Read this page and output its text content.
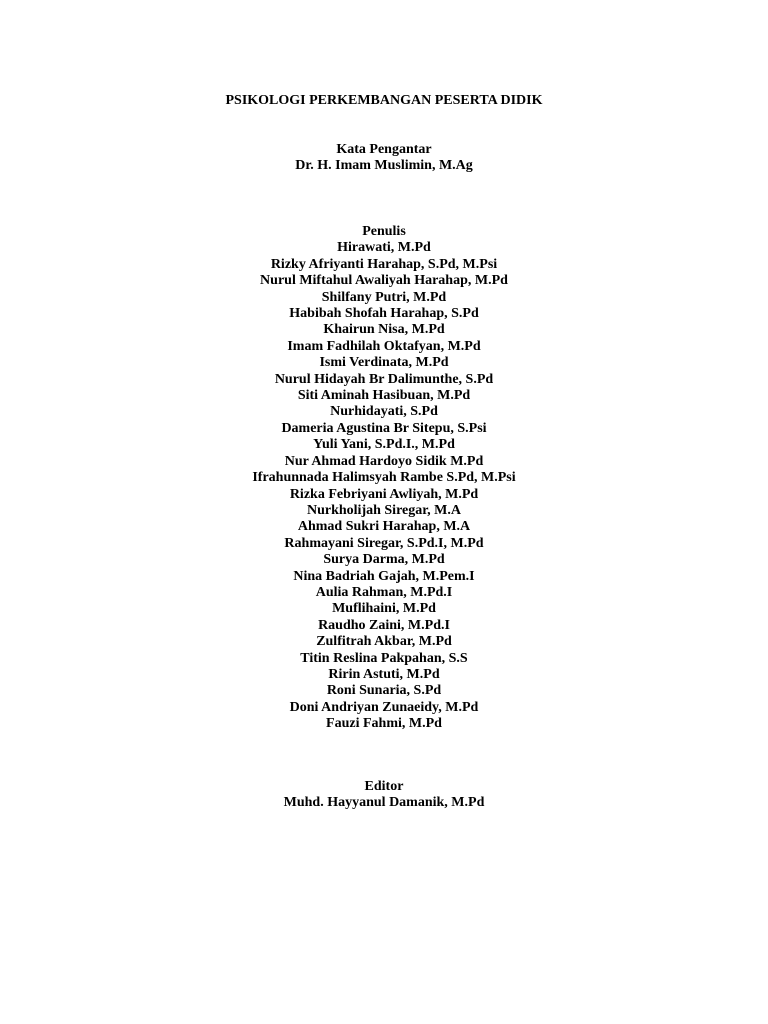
PSIKOLOGI PERKEMBANGAN PESERTA DIDIK
Kata Pengantar
Dr. H. Imam Muslimin, M.Ag
Penulis
Hirawati, M.Pd
Rizky Afriyanti Harahap, S.Pd, M.Psi
Nurul Miftahul Awaliyah Harahap, M.Pd
Shilfany Putri, M.Pd
Habibah Shofah Harahap, S.Pd
Khairun Nisa, M.Pd
Imam Fadhilah Oktafyan, M.Pd
Ismi Verdinata, M.Pd
Nurul Hidayah Br Dalimunthe, S.Pd
Siti Aminah Hasibuan, M.Pd
Nurhidayati, S.Pd
Dameria Agustina Br Sitepu, S.Psi
Yuli Yani, S.Pd.I., M.Pd
Nur Ahmad Hardoyo Sidik M.Pd
Ifrahunnada Halimsyah Rambe S.Pd, M.Psi
Rizka Febriyani Awliyah, M.Pd
Nurkholijah Siregar, M.A
Ahmad Sukri Harahap, M.A
Rahmayani Siregar, S.Pd.I, M.Pd
Surya Darma, M.Pd
Nina Badriah Gajah, M.Pem.I
Aulia Rahman, M.Pd.I
Muflihaini, M.Pd
Raudho Zaini, M.Pd.I
Zulfitrah Akbar, M.Pd
Titin Reslina Pakpahan, S.S
Ririn Astuti, M.Pd
Roni Sunaria, S.Pd
Doni Andriyan Zunaeidy, M.Pd
Fauzi Fahmi, M.Pd
Editor
Muhd. Hayyanul Damanik, M.Pd
